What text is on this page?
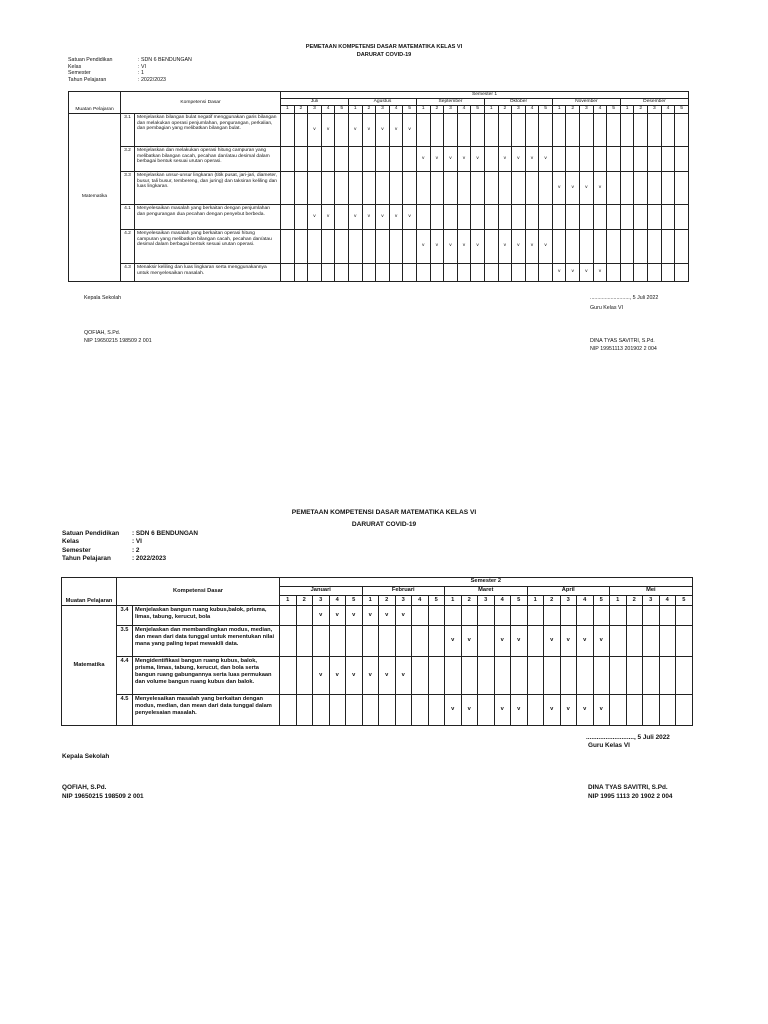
PEMETAAN KOMPETENSI DASAR MATEMATIKA KELAS VI
DARURAT COVID-19
Satuan Pendidikan	: SDN 6 BENDUNGAN
Kelas	: VI
Semester	: 1
Tahun Pelajaran	: 2022/2023
Muatan Pelajaran	Kompetensi Dasar		Semester 1																													
			Juli					Agustus					September					Oktober					November					Desember				
			1	2	3	4	5	1	2	3	4	5	1	2	3	4	5	1	2	3	4	5	1	2	3	4	5	1	2	3	4	5
Matematika	3.1	Menjelaskan bilangan bulat negatif menggunakan garis bilangan dan melakukan operasi penjumlahan, pengurangan, perkalian, dan pembagian yang melibatkan bilangan bulat.			v	v		v	v	v	v	v																				
	3.2	Menjelaskan dan melakukan operasi hitung campuran yang melibatkan bilangan cacah, pecahan dan/atau desimal dalam berbagai bentuk sesuai urutan operasi.											v	v	v	v	v		v	v	v	v										
	3.3	Menjelaskan unsur-unsur lingkaran (titik pusat, jari-jari, diameter, busur, tali busur, tembereng, dan juring) dan taksiran keliling dan luas lingkaran.																					v	v	v	v						
	4.1	Menyelesaikan masalah yang berkaitan dengan penjumlahan dan pengurangan dua pecahan dengan penyebut berbeda.			v	v		v	v	v	v	v																				
	4.2	Menyelesaikan masalah yang berkaitan operasi hitung campuran yang melibatkan bilangan cacah, pecahan dan/atau desimal dalam berbagai bentuk sesuai urutan operasi.											v	v	v	v	v		v	v	v	v										
	4.3	Menaksir keliling dan luas lingkaran serta menggunakannya untuk menyelesaikan masalah.																					v	v	v	v						
Kepala Sekolah
QOFIAH, S.Pd.
NIP 19650215 198509 2 001
..........................., 5 Juli 2022
Guru Kelas VI
DINA TYAS SAVITRI, S.Pd.
NIP 19951113 201902 2 004
PEMETAAN KOMPETENSI DASAR MATEMATIKA KELAS VI
DARURAT COVID-19
Satuan Pendidikan	: SDN 6 BENDUNGAN
Kelas	: VI
Semester	: 2
Tahun Pelajaran	: 2022/2023
Muatan Pelajaran	Kompetensi Dasar		Semester 2																								
			Januari					Februari					Maret					April					Mei				
			1	2	3	4	5	1	2	3	4	5	1	2	3	4	5	1	2	3	4	5	1	2	3	4	5
Matematika	3.4	Menjelaskan bangun ruang kubus,balok, prisma, limas, tabung, kerucut, bola			v	v	v	v	v	v																	
	3.5	Menjelaskan dan membandingkan modus, median, dan mean dari data tunggal untuk menentukan nilai mana yang paling tepat mewakili data.											v	v		v	v		v	v	v	v					
	4.4	Mengidentifikasi bangun ruang kubus, balok, prisma, limas, tabung, kerucut, dan bola serta bangun ruang gabungannya serta luas permukaan dan volume bangun ruang kubus dan balok.			v	v	v	v	v	v																	
	4.5	Menyelesaikan masalah yang berkaitan dengan modus, median, dan mean dari data tunggal dalam penyelesaian masalah.											v	v		v	v		v	v	v	v					
..........................., 5 Juli 2022
Guru Kelas VI
Kepala Sekolah
QOFIAH, S.Pd.
NIP 19650215 198509 2 001
DINA TYAS SAVITRI, S.Pd.
NIP 1995 1113 20 1902 2 004
